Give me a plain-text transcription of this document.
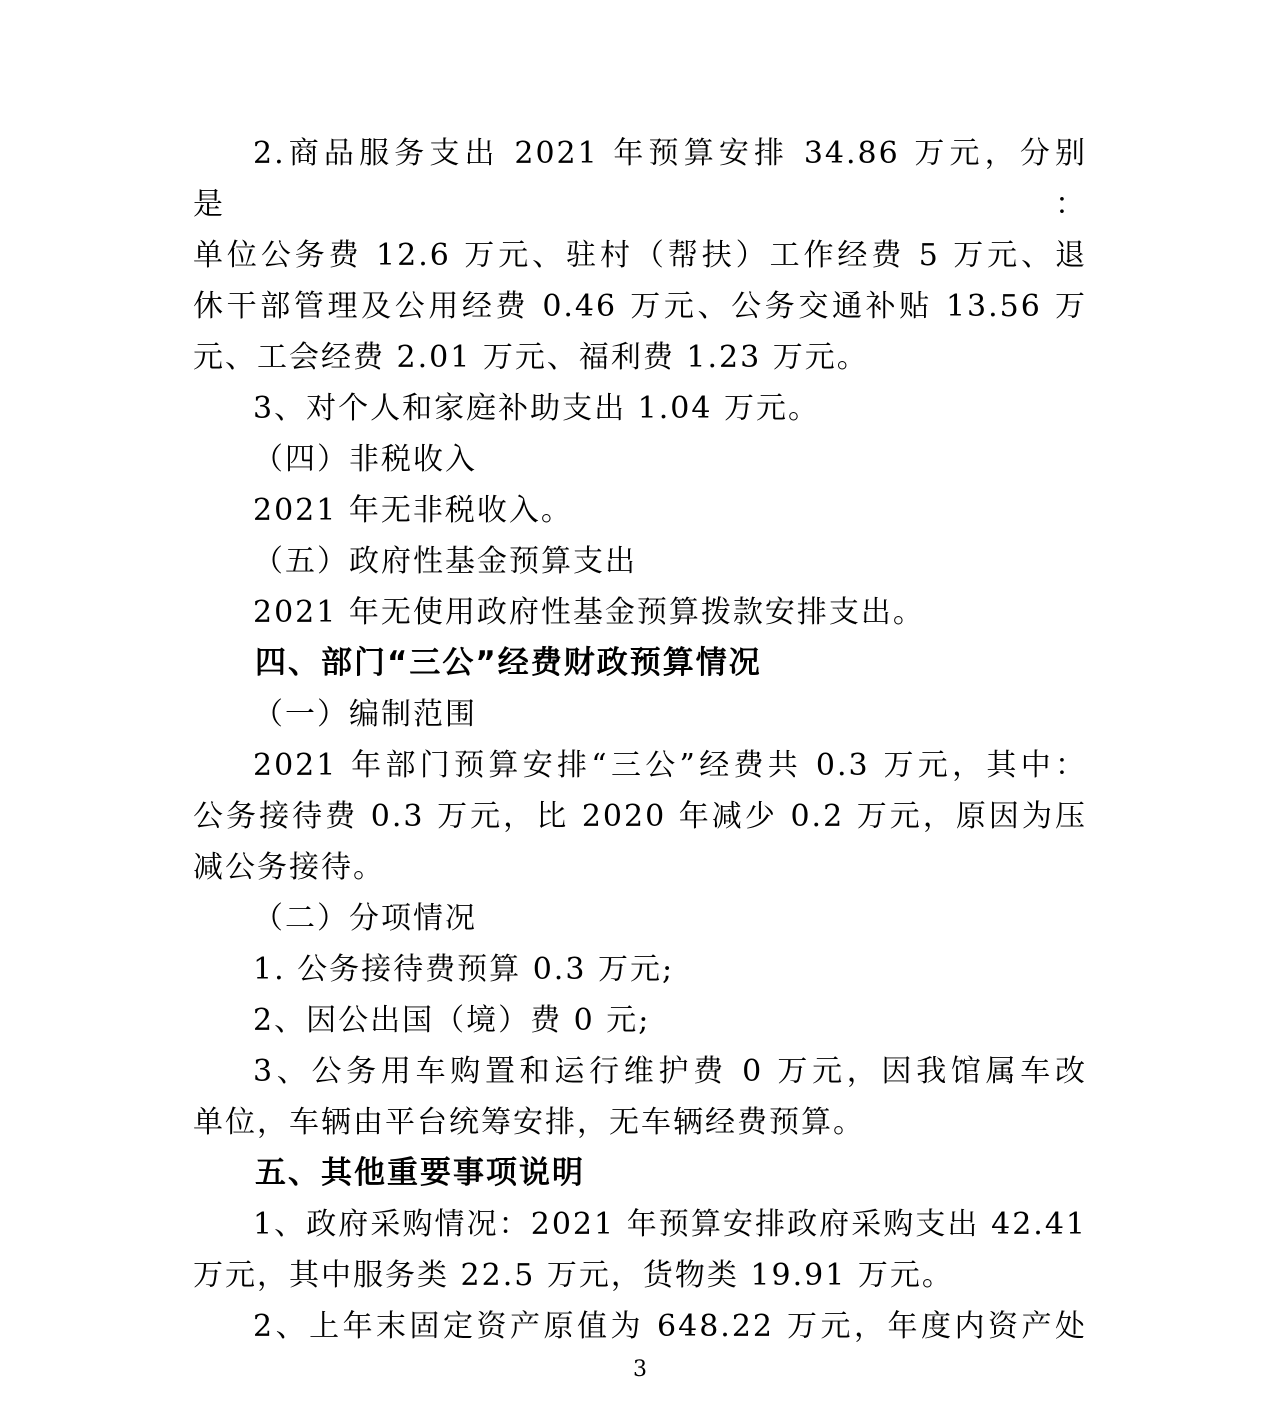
2.商品服务支出 2021 年预算安排 34.86 万元，分别是：
单位公务费 12.6 万元、驻村（帮扶）工作经费 5 万元、退
休干部管理及公用经费 0.46 万元、公务交通补贴 13.56 万
元、工会经费 2.01 万元、福利费 1.23 万元。
3、对个人和家庭补助支出 1.04 万元。
（四）非税收入
2021 年无非税收入。
（五）政府性基金预算支出
2021 年无使用政府性基金预算拨款安排支出。
四、部门“三公”经费财政预算情况
（一）编制范围
2021 年部门预算安排“三公”经费共 0.3 万元，其中：
公务接待费 0.3 万元，比 2020 年减少 0.2 万元，原因为压
减公务接待。
（二）分项情况
1. 公务接待费预算 0.3 万元;
2、因公出国（境）费 0 元;
3、公务用车购置和运行维护费 0 万元，因我馆属车改
单位，车辆由平台统筹安排，无车辆经费预算。
五、其他重要事项说明
1、政府采购情况：2021 年预算安排政府采购支出 42.41
万元，其中服务类 22.5 万元，货物类 19.91 万元。
2、上年末固定资产原值为 648.22 万元，年度内资产处
3
